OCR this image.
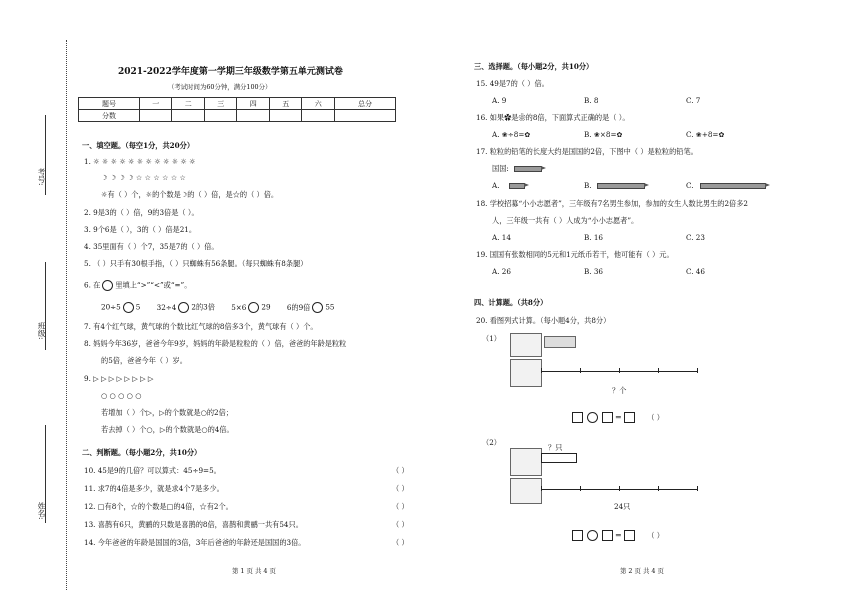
考号:
班级:
姓名:
2021-2022学年度第一学期三年级数学第五单元测试卷
（考试时间为60分钟，满分100分）
题号	一	二	三	四	五	六	总分
分数							
一、填空题。（每空1分，共20分）
1. ☼ ☼ ☼ ☼ ☼ ☼ ☼ ☼ ☼ ☼ ☼ ☼
☽ ☽ ☽ ☽ ☆ ☆ ☆ ☆ ☆ ☆
☼有（ ）个，☼的个数是☽的（ ）倍，是☆的（ ）倍。
2. 9是3的（ ）倍，9的3倍是（ ）。
3. 9个6是（ ），3的（ ）倍是21。
4. 35里面有（ ）个7，35是7的（ ）倍。
5. （ ）只手有30根手指，（ ）只蜘蛛有56条腿。（每只蜘蛛有8条腿）
6. 在 里填上“>”“<”或“=”。
20÷5 5 32÷4 2的3倍 5×6 29 6的9倍 55
7. 有4个红气球，黄气球的个数比红气球的8倍多3个，黄气球有（ ）个。
8. 妈妈今年36岁，爸爸今年9岁，妈妈的年龄是粒粒的（ ）倍，爸爸的年龄是粒粒
的5倍，爸爸今年（ ）岁。
9. ▷ ▷ ▷ ▷ ▷ ▷ ▷ ▷
○ ○ ○ ○ ○
若增加（ ）个▷，▷的个数就是○的2倍；
若去掉（ ）个○，▷的个数就是○的4倍。
二、判断题。（每小题2分，共10分）
10. 45是9的几倍？可以算式：45÷9=5。	（ ）
11. 求7的4倍是多少，就是求4个7是多少。	（ ）
12. □有8个，☆的个数是□的4倍，☆有2个。	（ ）
13. 喜鹊有6只，黄鹂的只数是喜鹊的8倍，喜鹊和黄鹂一共有54只。	（ ）
14. 今年爸爸的年龄是国国的3倍，3年后爸爸的年龄还是国国的3倍。	（ ）
第 1 页 共 4 页
三、选择题。（每小题2分，共10分）
15. 49是7的（ ）倍。
A. 9	B. 8	C. 7
16. 如果✿是❀的8倍，下面算式正确的是（ ）。
A. ❀÷8=✿	B. ❀×8=✿	C. ❀+8=✿
17. 粒粒的铅笔的长度大约是国国的2倍，下图中（ ）是粒粒的铅笔。
国国:
A.	B.	C.
18. 学校招募“小小志愿者”，三年级有7名男生参加，参加的女生人数比男生的2倍多2
人，三年级一共有（ ）人成为“小小志愿者”。
A. 14	B. 16	C. 23
19. 国国有张数相同的5元和1元纸币若干，他可能有（ ）元。
A. 26	B. 36	C. 46
四、计算题。（共8分）
20. 看图列式计算。（每小题4分，共8分）
（1）
？个
=	（ ）
（2）
？只
24只
=	（ ）
第 2 页 共 4 页
